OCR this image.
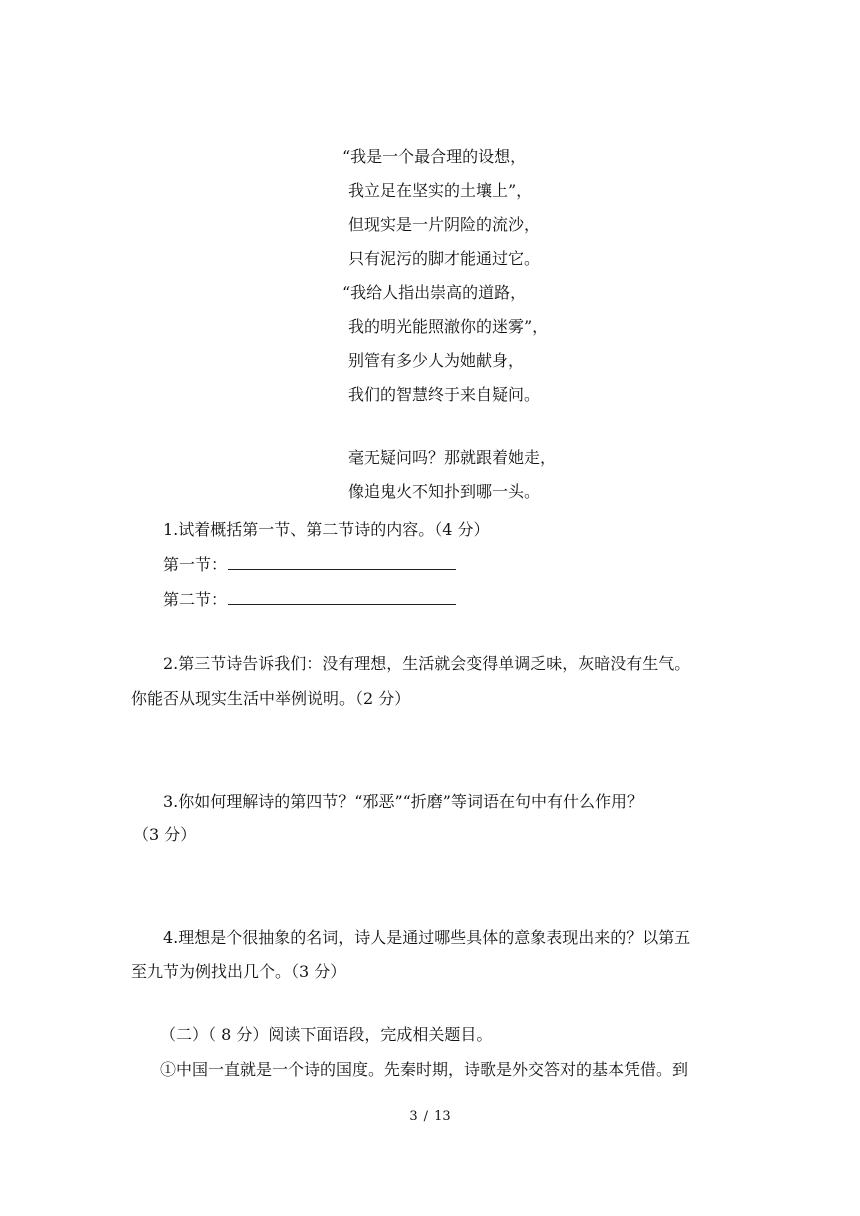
“我是一个最合理的设想，
我立足在坚实的土壤上”，
但现实是一片阴险的流沙，
只有泥污的脚才能通过它。
“我给人指出崇高的道路，
我的明光能照澈你的迷雾”，
别管有多少人为她献身，
我们的智慧终于来自疑问。
毫无疑问吗？那就跟着她走，
像追鬼火不知扑到哪一头。
1.试着概括第一节、第二节诗的内容。（4 分）
第一节：
第二节：
2.第三节诗告诉我们：没有理想，生活就会变得单调乏味，灰暗没有生气。
你能否从现实生活中举例说明。（2 分）
3.你如何理解诗的第四节？“邪恶”“折磨”等词语在句中有什么作用？
（3 分）
4.理想是个很抽象的名词，诗人是通过哪些具体的意象表现出来的？以第五
至九节为例找出几个。（3 分）
（二）（ 8 分）阅读下面语段，完成相关题目。
①中国一直就是一个诗的国度。先秦时期，诗歌是外交答对的基本凭借。到
3 / 13
